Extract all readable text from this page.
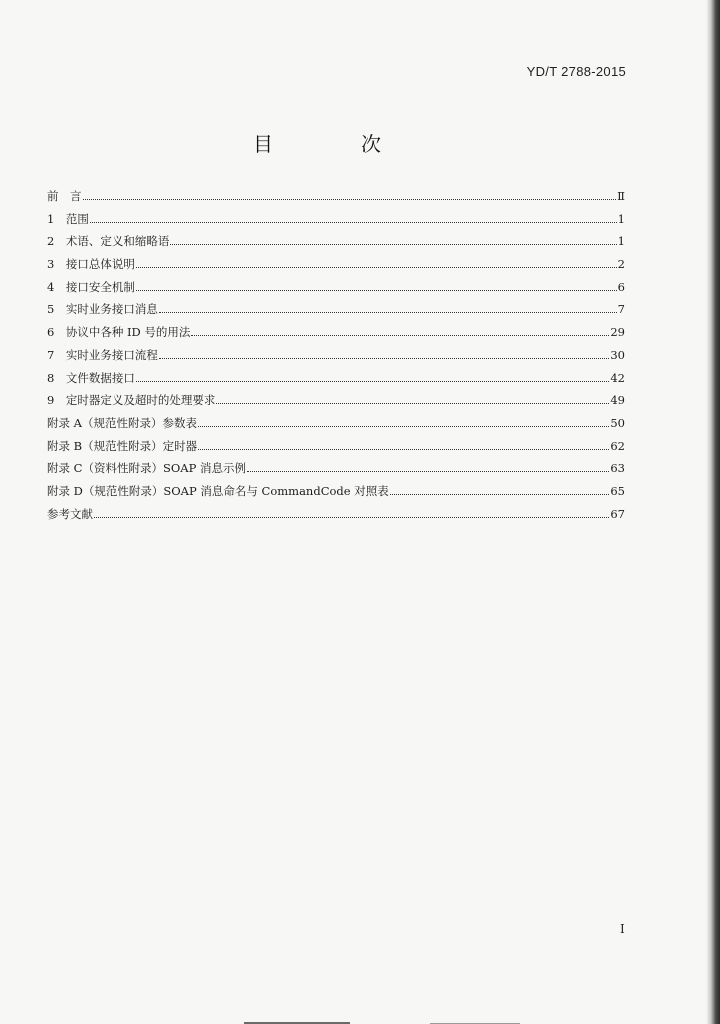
YD/T 2788-2015
目　次
前　言	Ⅱ
1　范围	1
2　术语、定义和缩略语	1
3　接口总体说明	2
4　接口安全机制	6
5　实时业务接口消息	7
6　协议中各种 ID 号的用法	29
7　实时业务接口流程	30
8　文件数据接口	42
9　定时器定义及超时的处理要求	49
附录 A（规范性附录）参数表	50
附录 B（规范性附录）定时器	62
附录 C（资料性附录）SOAP 消息示例	63
附录 D（规范性附录）SOAP 消息命名与 CommandCode 对照表	65
参考文献	67
I
